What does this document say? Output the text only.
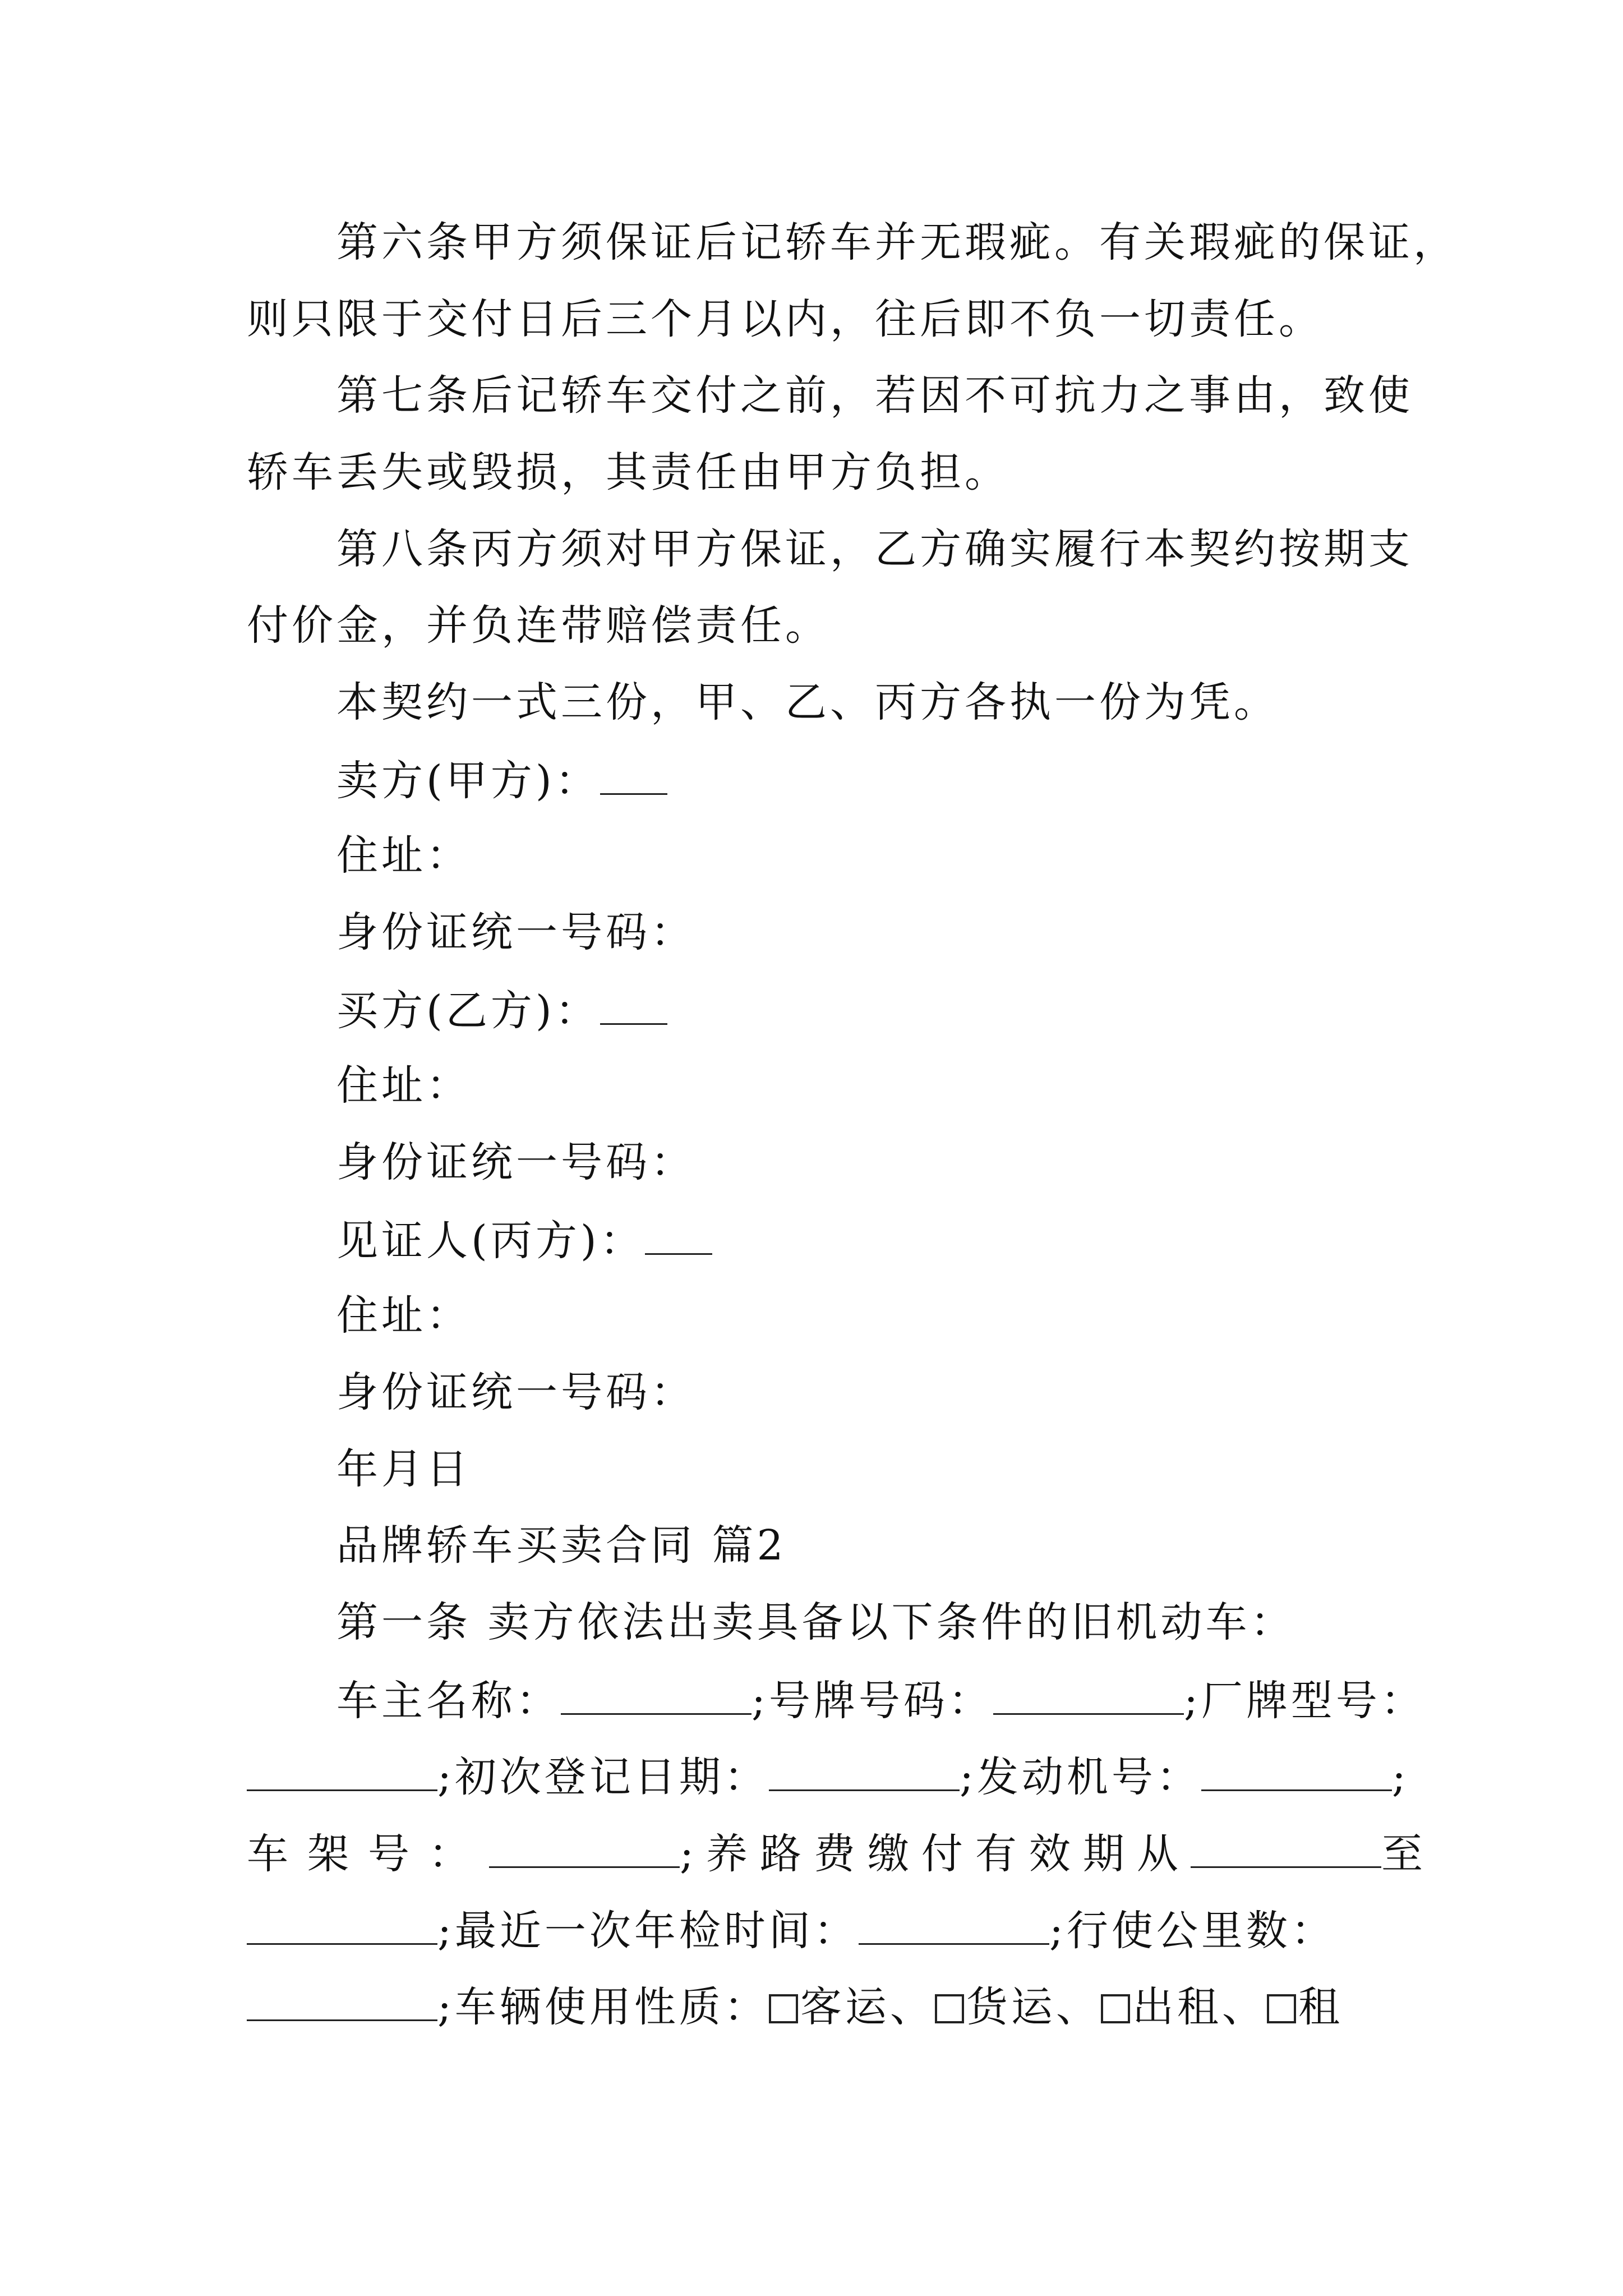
第六条甲方须保证后记轿车并无瑕疵。有关瑕疵的保证，
则只限于交付日后三个月以内，往后即不负一切责任。
第七条后记轿车交付之前，若因不可抗力之事由，致使
轿车丢失或毁损，其责任由甲方负担。
第八条丙方须对甲方保证，乙方确实履行本契约按期支
付价金，并负连带赔偿责任。
本契约一式三份，甲、乙、丙方各执一份为凭。
卖方(甲方)：
住址：
身份证统一号码：
买方(乙方)：
住址：
身份证统一号码：
见证人(丙方)：
住址：
身份证统一号码：
年月日
品牌轿车买卖合同 篇2
第一条 卖方依法出卖具备以下条件的旧机动车：
车主名称：	;号牌号码：	;厂牌型号：
;初次登记日期：	;发动机号：	;
车架号：	;养路费缴付有效期从	至
;最近一次年检时间：	;行使公里数：
;车辆使用性质： 客运、 货运、 出租、 租
